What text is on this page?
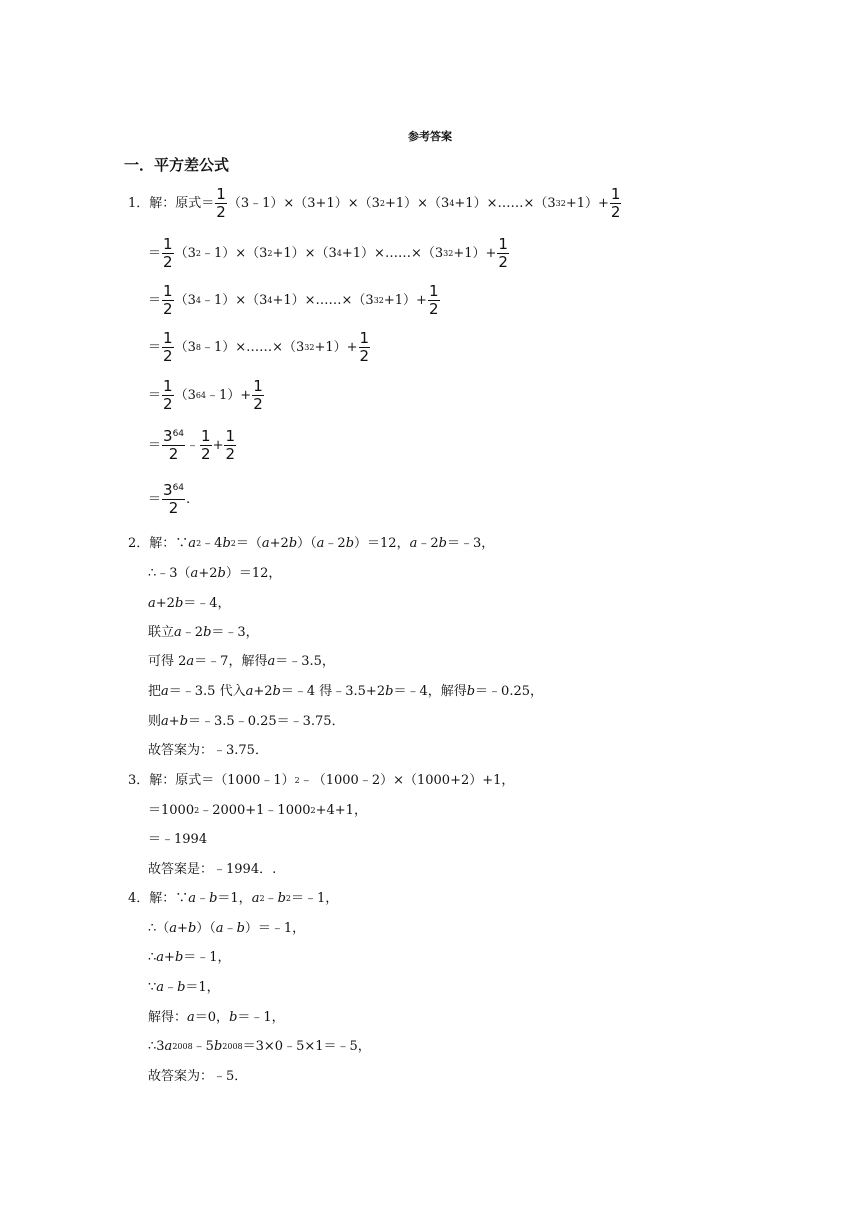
参考答案
一．平方差公式
1． 解：原式＝ $\frac{1}{2}$ （3﹣1）×（3+1）×（3 2 +1）×（3 4 +1）×……×（3 $32 +1)+ \frac{1}{2}$
＝ $\frac{1}{2} (3$ 2 ﹣1）×（3 2 +1）×（3 4 +1）×……×（3 $32 +1)+ \frac{1}{2}$
＝ $\frac{1}{2} (3$ 4 ﹣1）×（3 4 +1）×……×（3 $32 +1)+ \frac{1}{2}$
＝ $\frac{1}{2} (3$ 8 ﹣1）×……×（3 $32 +1)+ \frac{1}{2}$
＝ $\frac{1}{2} (3$ 64 ﹣1）+ $\frac{1}{2}$
＝ $\frac{3^{64}}{2}$ ﹣ $\frac{1}{2} + \frac{1}{2}$
＝ $\frac{3^{64}}{2}$ .
2． 解：∵ a 2 ﹣4 b 2 ＝（ a +2 b ）（ a ﹣2 b ）＝12， a ﹣2 b ＝﹣3，
∴﹣3（ a +2 b ）＝12，
a +2 b ＝﹣4，
联立 a ﹣2 b ＝﹣3，
可得 2 a ＝﹣7，解得 a ＝﹣3.5，
把 a ＝﹣3.5 代入 a +2 b ＝﹣4 得﹣3.5+2 b ＝﹣4，解得 b ＝﹣0.25，
则 a + b ＝﹣3.5﹣0.25＝﹣3.75．
故答案为：﹣3.75．
3． 解：原式＝（1000﹣1） 2 ﹣（1000﹣2）×（1000+2）+1，
＝1000 2 ﹣2000+1﹣1000 2 +4+1，
＝﹣1994
故答案是：﹣1994．.
4． 解：∵ a ﹣ b ＝1， a 2 ﹣ b 2 ＝﹣1，
∴（ a + b ）（ a ﹣ b ）＝﹣1，
∴ a + b ＝﹣1，
∵ a ﹣ b ＝1，
解得： a ＝0， b ＝﹣1，
∴3 a 2008 ﹣5 b 2008 ＝3×0﹣5×1＝﹣5，
故答案为：﹣5．
